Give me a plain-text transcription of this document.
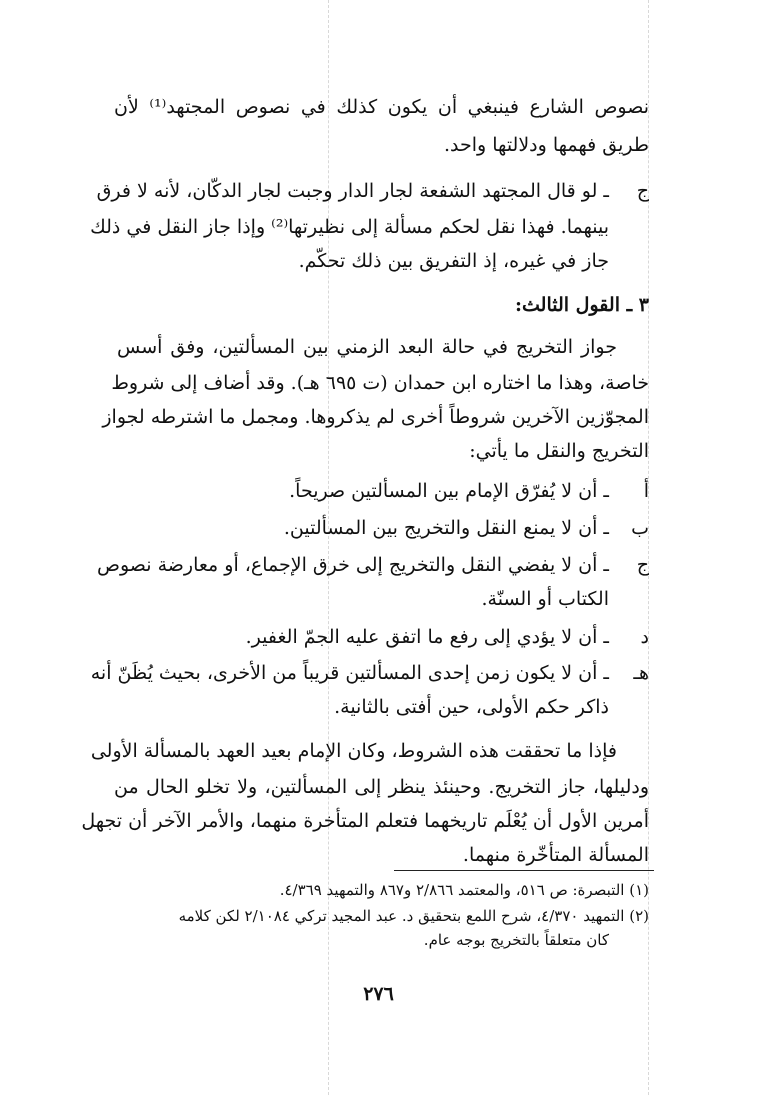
نصوص الشارع فينبغي أن يكون كذلك في نصوص المجتهد⁽¹⁾ لأن

طريق فهمها ودلالتها واحد.

ج

ـ لو قال المجتهد الشفعة لجار الدار وجبت لجار الدكّان، لأنه لا فرق

بينهما. فهذا نقل لحكم مسألة إلى نظيرتها⁽²⁾ وإذا جاز النقل في ذلك

جاز في غيره، إذ التفريق بين ذلك تحكّم.

٣ ـ القول الثالث:

جواز التخريج في حالة البعد الزمني بين المسألتين، وفق أسس

خاصة، وهذا ما اختاره ابن حمدان (ت ٦٩٥ هـ). وقد أضاف إلى شروط

المجوّزين الآخرين شروطاً أخرى لم يذكروها. ومجمل ما اشترطه لجواز

التخريج والنقل ما يأتي:

أ

ـ أن لا يُفرّق الإمام بين المسألتين صريحاً.

ب

ـ أن لا يمنع النقل والتخريج بين المسألتين.

ج

ـ أن لا يفضي النقل والتخريج إلى خرق الإجماع، أو معارضة نصوص

الكتاب أو السنّة.

د

ـ أن لا يؤدي إلى رفع ما اتفق عليه الجمّ الغفير.

هـ

ـ أن لا يكون زمن إحدى المسألتين قريباً من الأخرى، بحيث يُظَنّ أنه

ذاكر حكم الأولى، حين أفتى بالثانية.

فإذا ما تحققت هذه الشروط، وكان الإمام بعيد العهد بالمسألة الأولى

ودليلها، جاز التخريج. وحينئذ ينظر إلى المسألتين، ولا تخلو الحال من

أمرين الأول أن يُعْلَم تاريخهما فتعلم المتأخرة منهما، والأمر الآخر أن تجهل

المسألة المتأخّرة منهما.

(١) التبصرة: ص ٥١٦، والمعتمد ٢/٨٦٦ و٨٦٧ والتمهيد ٤/٣٦٩.

(٢) التمهيد ٤/٣٧٠، شرح اللمع بتحقيق د. عبد المجيد تركي ٢/١٠٨٤ لكن كلامه

كان متعلقاً بالتخريج بوجه عام.

٢٧٦
